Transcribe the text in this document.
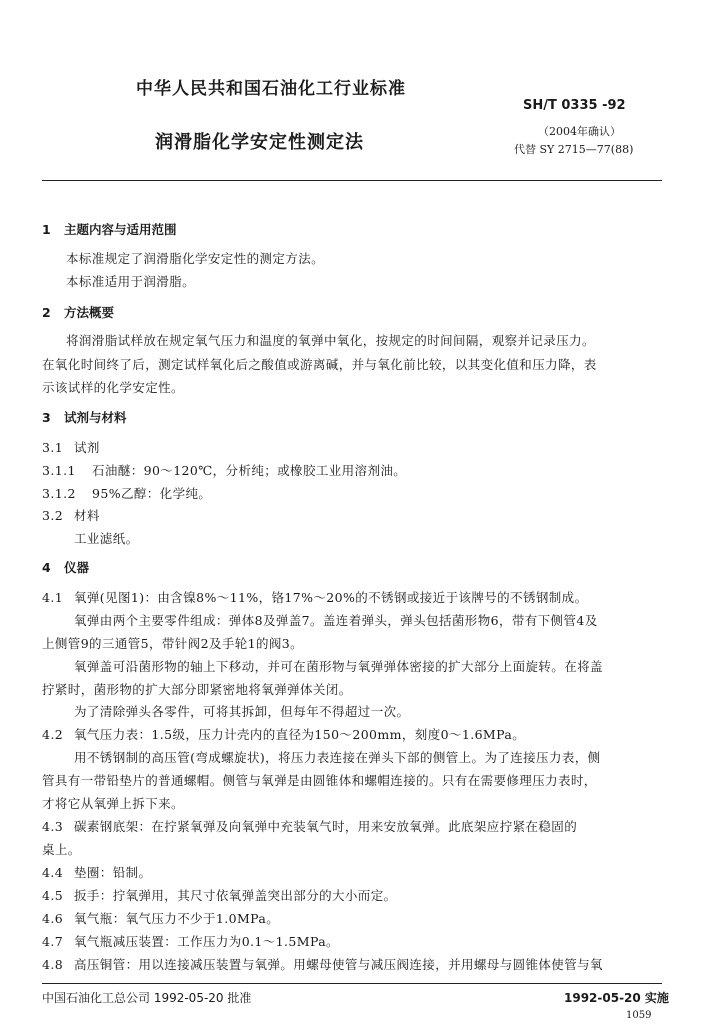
中华人民共和国石油化工行业标准
SH/T 0335 -92
润滑脂化学安定性测定法
（2004年确认）
代替 SY 2715—77(88)
1 主题内容与适用范围
本标准规定了润滑脂化学安定性的测定方法。
本标准适用于润滑脂。
2 方法概要
将润滑脂试样放在规定氧气压力和温度的氧弹中氧化，按规定的时间间隔，观察并记录压力。
在氧化时间终了后，测定试样氧化后之酸值或游离碱，并与氧化前比较，以其变化值和压力降，表
示该试样的化学安定性。
3 试剂与材料
3.1 试剂
3.1.1 石油醚：90～120℃，分析纯；或橡胶工业用溶剂油。
3.1.2 95%乙醇：化学纯。
3.2 材料
工业滤纸。
4 仪器
4.1 氧弹(见图1)：由含镍8%～11%，铬17%～20%的不锈钢或接近于该牌号的不锈钢制成。
氧弹由两个主要零件组成：弹体8及弹盖7。盖连着弹头，弹头包括菌形物6，带有下侧管4及
上侧管9的三通管5，带针阀2及手轮1的阀3。
氧弹盖可沿菌形物的轴上下移动，并可在菌形物与氧弹弹体密接的扩大部分上面旋转。在将盖
拧紧时，菌形物的扩大部分即紧密地将氧弹弹体关闭。
为了清除弹头各零件，可将其拆卸，但每年不得超过一次。
4.2 氧气压力表：1.5级，压力计壳内的直径为150～200mm，刻度0～1.6MPa。
用不锈钢制的高压管(弯成螺旋状)，将压力表连接在弹头下部的侧管上。为了连接压力表，侧
管具有一带铅垫片的普通螺帽。侧管与氧弹是由圆锥体和螺帽连接的。只有在需要修理压力表时，
才将它从氧弹上拆下来。
4.3 碳素钢底架：在拧紧氧弹及向氧弹中充装氧气时，用来安放氧弹。此底架应拧紧在稳固的
桌上。
4.4 垫圈：铅制。
4.5 扳手：拧氧弹用，其尺寸依氧弹盖突出部分的大小而定。
4.6 氧气瓶：氧气压力不少于1.0MPa。
4.7 氧气瓶减压装置：工作压力为0.1～1.5MPa。
4.8 高压铜管：用以连接减压装置与氧弹。用螺母使管与减压阀连接，并用螺母与圆锥体使管与氧
中国石油化工总公司 1992-05-20 批准	1992-05-20 实施
1059
